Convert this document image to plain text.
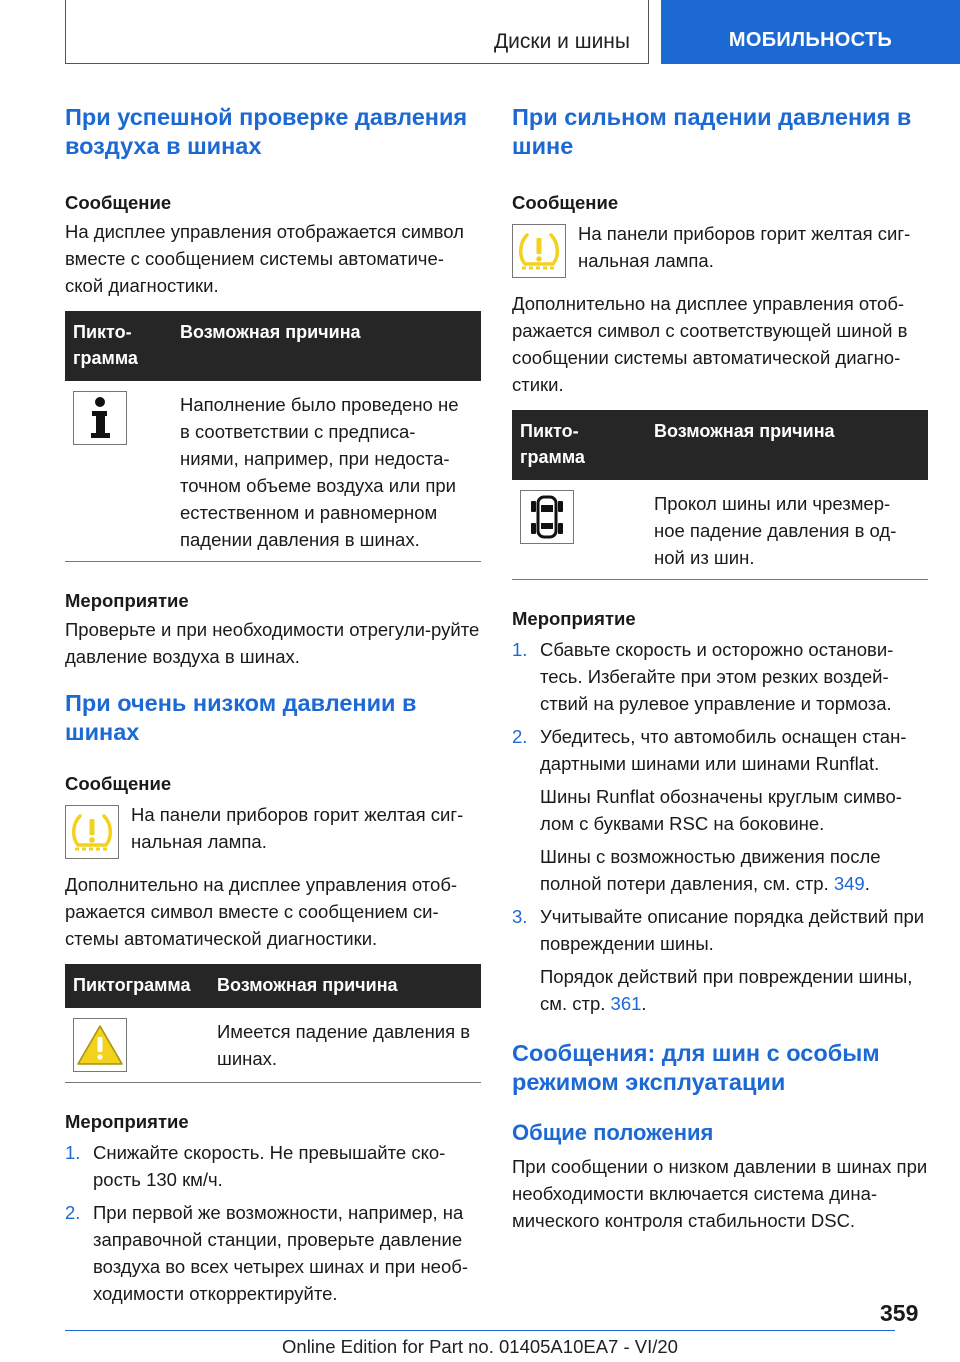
Диски и шины	МОБИЛЬНОСТЬ
При успешной проверке давления воздуха в шинах
Сообщение

На дисплее управления отображается символ вместе с сообщением системы автоматиче-ской диагностики.

Пикто-грамма	Возможная причина

	Наполнение было проведено не в соответствии с предписа-ниями, например, при недоста-точном объеме воздуха или при естественном и равномерном падении давления в шинах.
Мероприятие

Проверьте и при необходимости отрегули-руйте давление воздуха в шинах.

При очень низком давлении в шинах
Сообщение

На панели приборов горит желтая сиг-нальная лампа.

Дополнительно на дисплее управления отоб-ражается символ вместе с сообщением си-стемы автоматической диагностики.

Пиктограмма	Возможная причина

	Имеется падение давления в шинах.
Мероприятие
1. Снижайте скорость. Не превышайте ско-рость 130 км/ч.
2. При первой же возможности, например, на заправочной станции, проверьте давление воздуха во всех четырех шинах и при необ-ходимости откорректируйте.
При сильном падении давления в шине
Сообщение

На панели приборов горит желтая сиг-нальная лампа.

Дополнительно на дисплее управления отоб-ражается символ с соответствующей шиной в сообщении системы автоматической диагно-стики.

Пикто-грамма	Возможная причина

	Прокол шины или чрезмер-ное падение давления в од-ной из шин.
Мероприятие
1. Сбавьте скорость и осторожно останови-тесь. Избегайте при этом резких воздей-ствий на рулевое управление и тормоза.
2. Убедитесь, что автомобиль оснащен стан-дартными шинами или шинами Runflat.
Шины Runflat обозначены круглым симво-лом с буквами RSC на боковине.
Шины с возможностью движения после полной потери давления, см. стр. 349.
3. Учитывайте описание порядка действий при повреждении шины.
Порядок действий при повреждении шины, см. стр. 361.
Сообщения: для шин с особым режимом эксплуатации
Общие положения

При сообщении о низком давлении в шинах при необходимости включается система дина-мического контроля стабильности DSC.

359
Online Edition for Part no. 01405A10EA7 - VI/20
